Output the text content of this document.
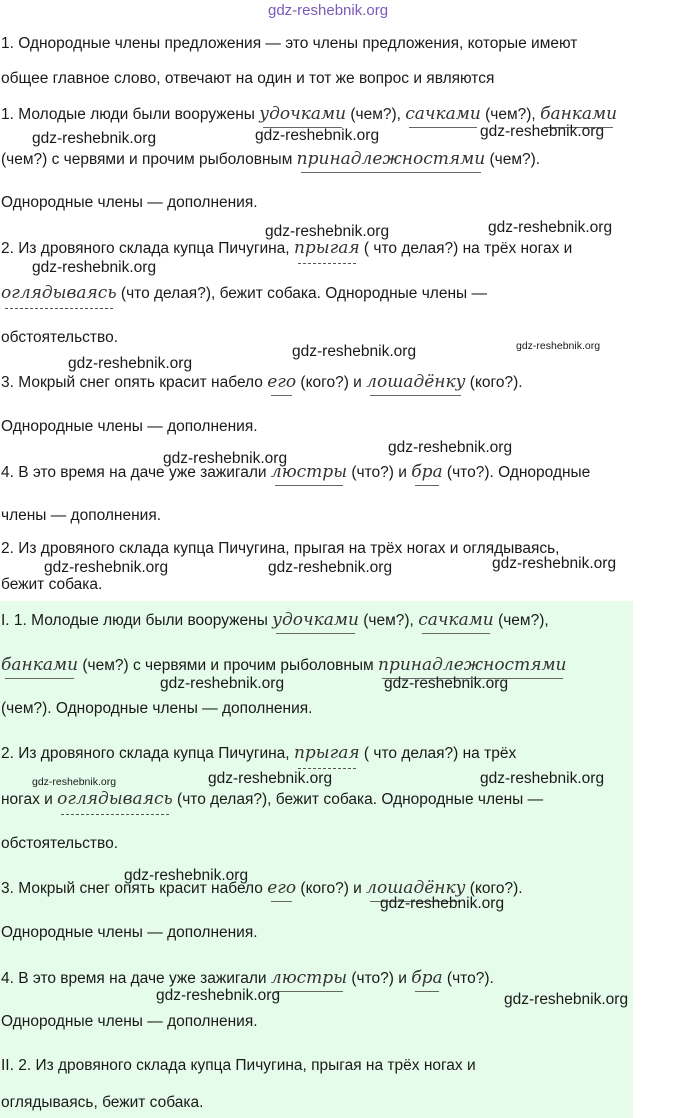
1. Однородные члены предложения — это члены предложения, которые имеют
общее главное слово, отвечают на один и тот же вопрос и являются
1. Молодые люди были вооружены удочками (чем?), сачками (чем?), банками
(чем?) с червями и прочим рыболовным принадлежностями (чем?).
Однородные члены — дополнения.
2. Из дровяного склада купца Пичугина, прыгая ( что делая?) на трёх ногах и
оглядываясь (что делая?), бежит собака. Однородные члены —
обстоятельство.
3. Мокрый снег опять красит набело его (кого?) и лошадёнку (кого?).
Однородные члены — дополнения.
4. В это время на даче уже зажигали люстры (что?) и бра (что?). Однородные
члены — дополнения.
2. Из дровяного склада купца Пичугина, прыгая на трёх ногах и оглядываясь,
бежит собака.
I. 1. Молодые люди были вооружены удочками (чем?), сачками (чем?),
банками (чем?) с червями и прочим рыболовным принадлежностями
(чем?). Однородные члены — дополнения.
2. Из дровяного склада купца Пичугина, прыгая ( что делая?) на трёх
ногах и оглядываясь (что делая?), бежит собака. Однородные члены —
обстоятельство.
3. Мокрый снег опять красит набело его (кого?) и лошадёнку (кого?).
Однородные члены — дополнения.
4. В это время на даче уже зажигали люстры (что?) и бра (что?).
Однородные члены — дополнения.
II. 2. Из дровяного склада купца Пичугина, прыгая на трёх ногах и
оглядываясь, бежит собака.
gdz-reshebnik.org
gdz-reshebnik.org	gdz-reshebnik.org	gdz-reshebnik.org
gdz-reshebnik.org	gdz-reshebnik.org
gdz-reshebnik.org
gdz-reshebnik.org
gdz-reshebnik.org	gdz-reshebnik.org
gdz-reshebnik.org
gdz-reshebnik.org
gdz-reshebnik.org	gdz-reshebnik.org	gdz-reshebnik.org
gdz-reshebnik.org	gdz-reshebnik.org
gdz-reshebnik.org	gdz-reshebnik.org	gdz-reshebnik.org
gdz-reshebnik.org
gdz-reshebnik.org
gdz-reshebnik.org	gdz-reshebnik.org
